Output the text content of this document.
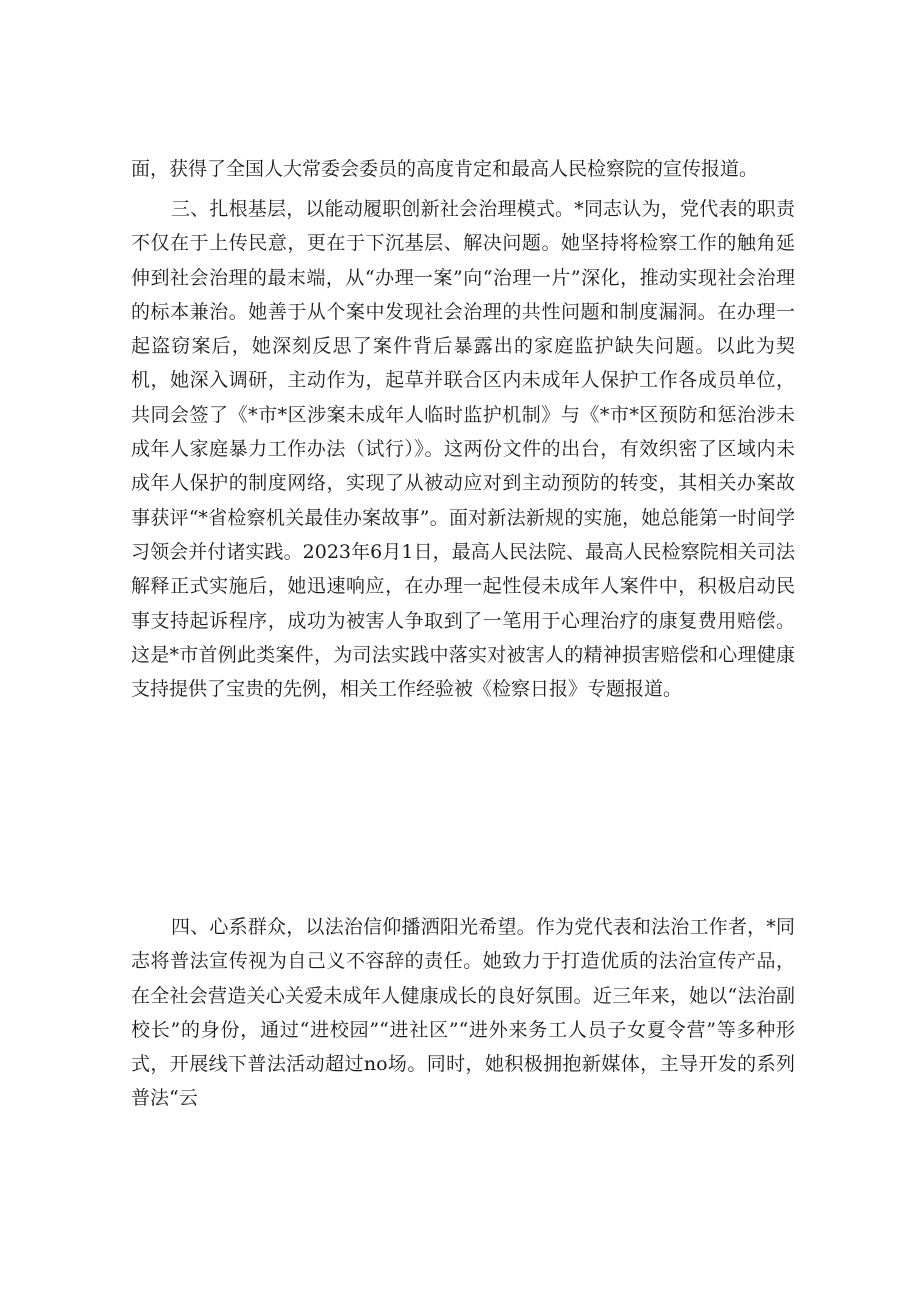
面，获得了全国人大常委会委员的高度肯定和最高人民检察院的宣传报道。

三、扎根基层，以能动履职创新社会治理模式。*同志认为，党代表的职责不仅在于上传民意，更在于下沉基层、解决问题。她坚持将检察工作的触角延伸到社会治理的最末端，从“办理一案”向“治理一片”深化，推动实现社会治理的标本兼治。她善于从个案中发现社会治理的共性问题和制度漏洞。在办理一起盗窃案后，她深刻反思了案件背后暴露出的家庭监护缺失问题。以此为契机，她深入调研，主动作为，起草并联合区内未成年人保护工作各成员单位，共同会签了《*市*区涉案未成年人临时监护机制》与《*市*区预防和惩治涉未成年人家庭暴力工作办法（试行）》。这两份文件的出台，有效织密了区域内未成年人保护的制度网络，实现了从被动应对到主动预防的转变，其相关办案故事获评“*省检察机关最佳办案故事”。面对新法新规的实施，她总能第一时间学习领会并付诸实践。2023年6月1日，最高人民法院、最高人民检察院相关司法解释正式实施后，她迅速响应，在办理一起性侵未成年人案件中，积极启动民事支持起诉程序，成功为被害人争取到了一笔用于心理治疗的康复费用赔偿。这是*市首例此类案件，为司法实践中落实对被害人的精神损害赔偿和心理健康支持提供了宝贵的先例，相关工作经验被《检察日报》专题报道。

四、心系群众，以法治信仰播洒阳光希望。作为党代表和法治工作者，*同志将普法宣传视为自己义不容辞的责任。她致力于打造优质的法治宣传产品，在全社会营造关心关爱未成年人健康成长的良好氛围。近三年来，她以“法治副校长”的身份，通过“进校园”“进社区”“进外来务工人员子女夏令营”等多种形式，开展线下普法活动超过no场。同时，她积极拥抱新媒体，主导开发的系列普法“云
